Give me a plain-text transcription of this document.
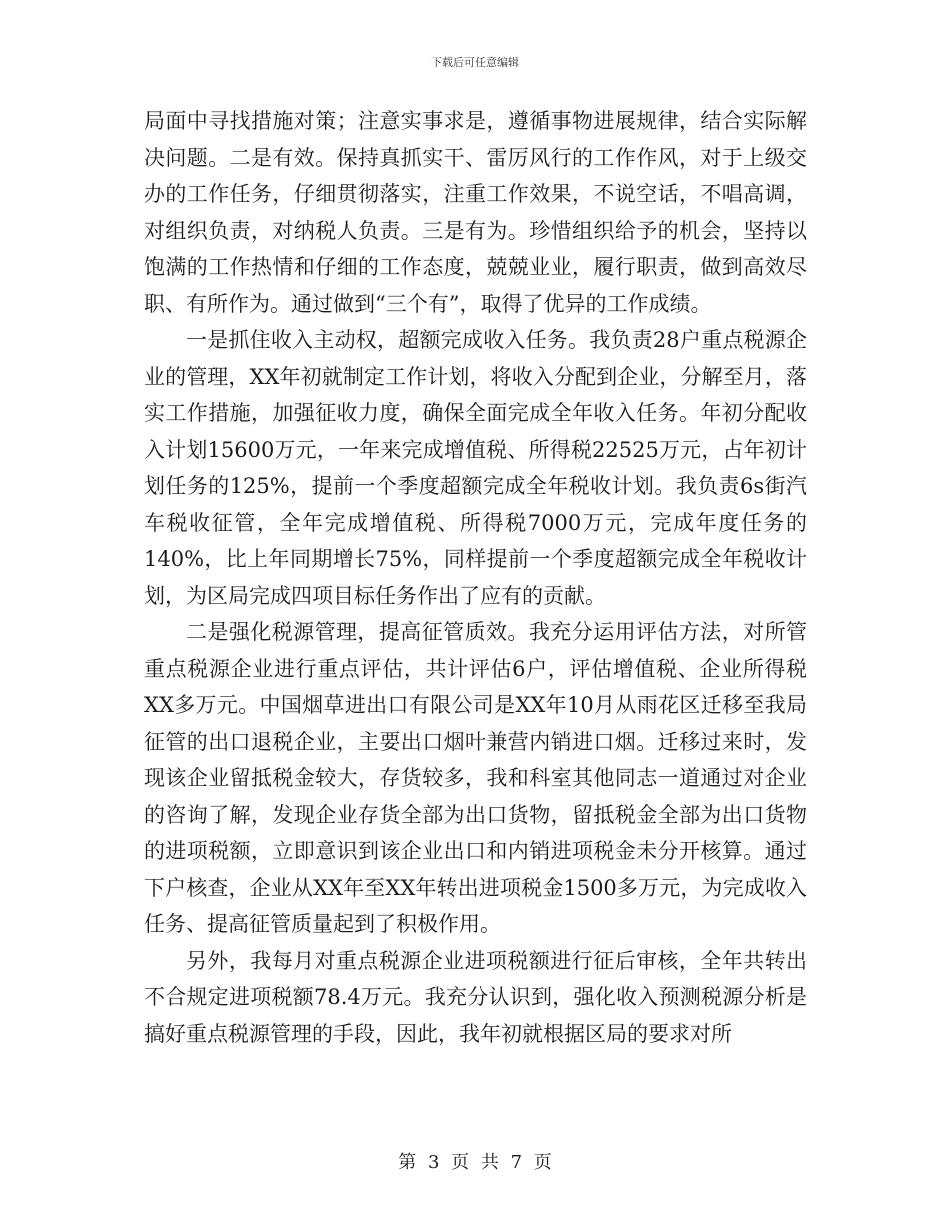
下载后可任意编辑

局面中寻找措施对策；注意实事求是，遵循事物进展规律，结合实际解决问题。二是有效。保持真抓实干、雷厉风行的工作作风，对于上级交办的工作任务，仔细贯彻落实，注重工作效果，不说空话，不唱高调，对组织负责，对纳税人负责。三是有为。珍惜组织给予的机会，坚持以饱满的工作热情和仔细的工作态度，兢兢业业，履行职责，做到高效尽职、有所作为。通过做到“三个有”，取得了优异的工作成绩。

一是抓住收入主动权，超额完成收入任务。我负责28户重点税源企业的管理，XX年初就制定工作计划，将收入分配到企业，分解至月，落实工作措施，加强征收力度，确保全面完成全年收入任务。年初分配收入计划15600万元，一年来完成增值税、所得税22525万元，占年初计划任务的125%，提前一个季度超额完成全年税收计划。我负责6s街汽车税收征管，全年完成增值税、所得税7000万元，完成年度任务的140%，比上年同期增长75%，同样提前一个季度超额完成全年税收计划，为区局完成四项目标任务作出了应有的贡献。

二是强化税源管理，提高征管质效。我充分运用评估方法，对所管重点税源企业进行重点评估，共计评估6户，评估增值税、企业所得税XX多万元。中国烟草进出口有限公司是XX年10月从雨花区迁移至我局征管的出口退税企业，主要出口烟叶兼营内销进口烟。迁移过来时，发现该企业留抵税金较大，存货较多，我和科室其他同志一道通过对企业的咨询了解，发现企业存货全部为出口货物，留抵税金全部为出口货物的进项税额，立即意识到该企业出口和内销进项税金未分开核算。通过下户核查，企业从XX年至XX年转出进项税金1500多万元，为完成收入任务、提高征管质量起到了积极作用。

另外，我每月对重点税源企业进项税额进行征后审核，全年共转出不合规定进项税额78.4万元。我充分认识到，强化收入预测税源分析是搞好重点税源管理的手段，因此，我年初就根据区局的要求对所

第 3 页 共 7 页
